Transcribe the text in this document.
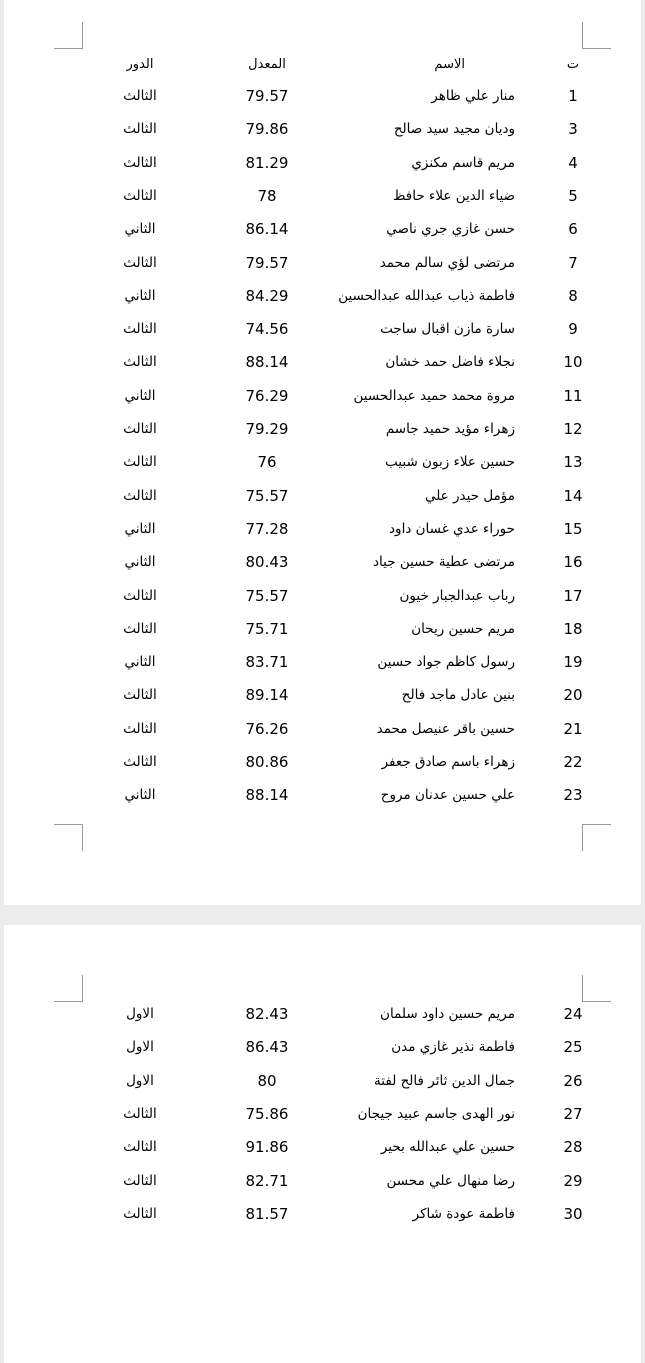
ت
الاسم
المعدل
الدور
1
منار علي ظاهر
79.57
الثالث
3
وديان مجيد سيد صالح
79.86
الثالث
4
مريم قاسم مكنزي
81.29
الثالث
5
ضياء الدين علاء حافظ
78
الثالث
6
حسن غازي جري ناصي
86.14
الثاني
7
مرتضى لؤي سالم محمد
79.57
الثالث
8
فاطمة ذياب عبدالله عبدالحسين
84.29
الثاني
9
سارة مازن اقبال ساجت
74.56
الثالث
10
نجلاء فاضل حمد خشان
88.14
الثالث
11
مروة محمد حميد عبدالحسين
76.29
الثاني
12
زهراء مؤيد حميد جاسم
79.29
الثالث
13
حسين علاء زبون شبيب
76
الثالث
14
مؤمل حيدر علي
75.57
الثالث
15
حوراء عدي غسان داود
77.28
الثاني
16
مرتضى عطية حسين جياد
80.43
الثاني
17
رباب عبدالجبار خيون
75.57
الثالث
18
مريم حسين ريحان
75.71
الثالث
19
رسول كاظم جواد حسين
83.71
الثاني
20
بنين عادل ماجد فالح
89.14
الثالث
21
حسين باقر عنيصل محمد
76.26
الثالث
22
زهراء باسم صادق جعفر
80.86
الثالث
23
علي حسين عدنان مروح
88.14
الثاني
24
مريم حسين داود سلمان
82.43
الاول
25
فاطمة نذير غازي مدن
86.43
الاول
26
جمال الدين ثائر فالح لفتة
80
الاول
27
نور الهدى جاسم عبيد جيجان
75.86
الثالث
28
حسين علي عبدالله بحير
91.86
الثالث
29
رضا منهال علي محسن
82.71
الثالث
30
فاطمة عودة شاكر
81.57
الثالث
